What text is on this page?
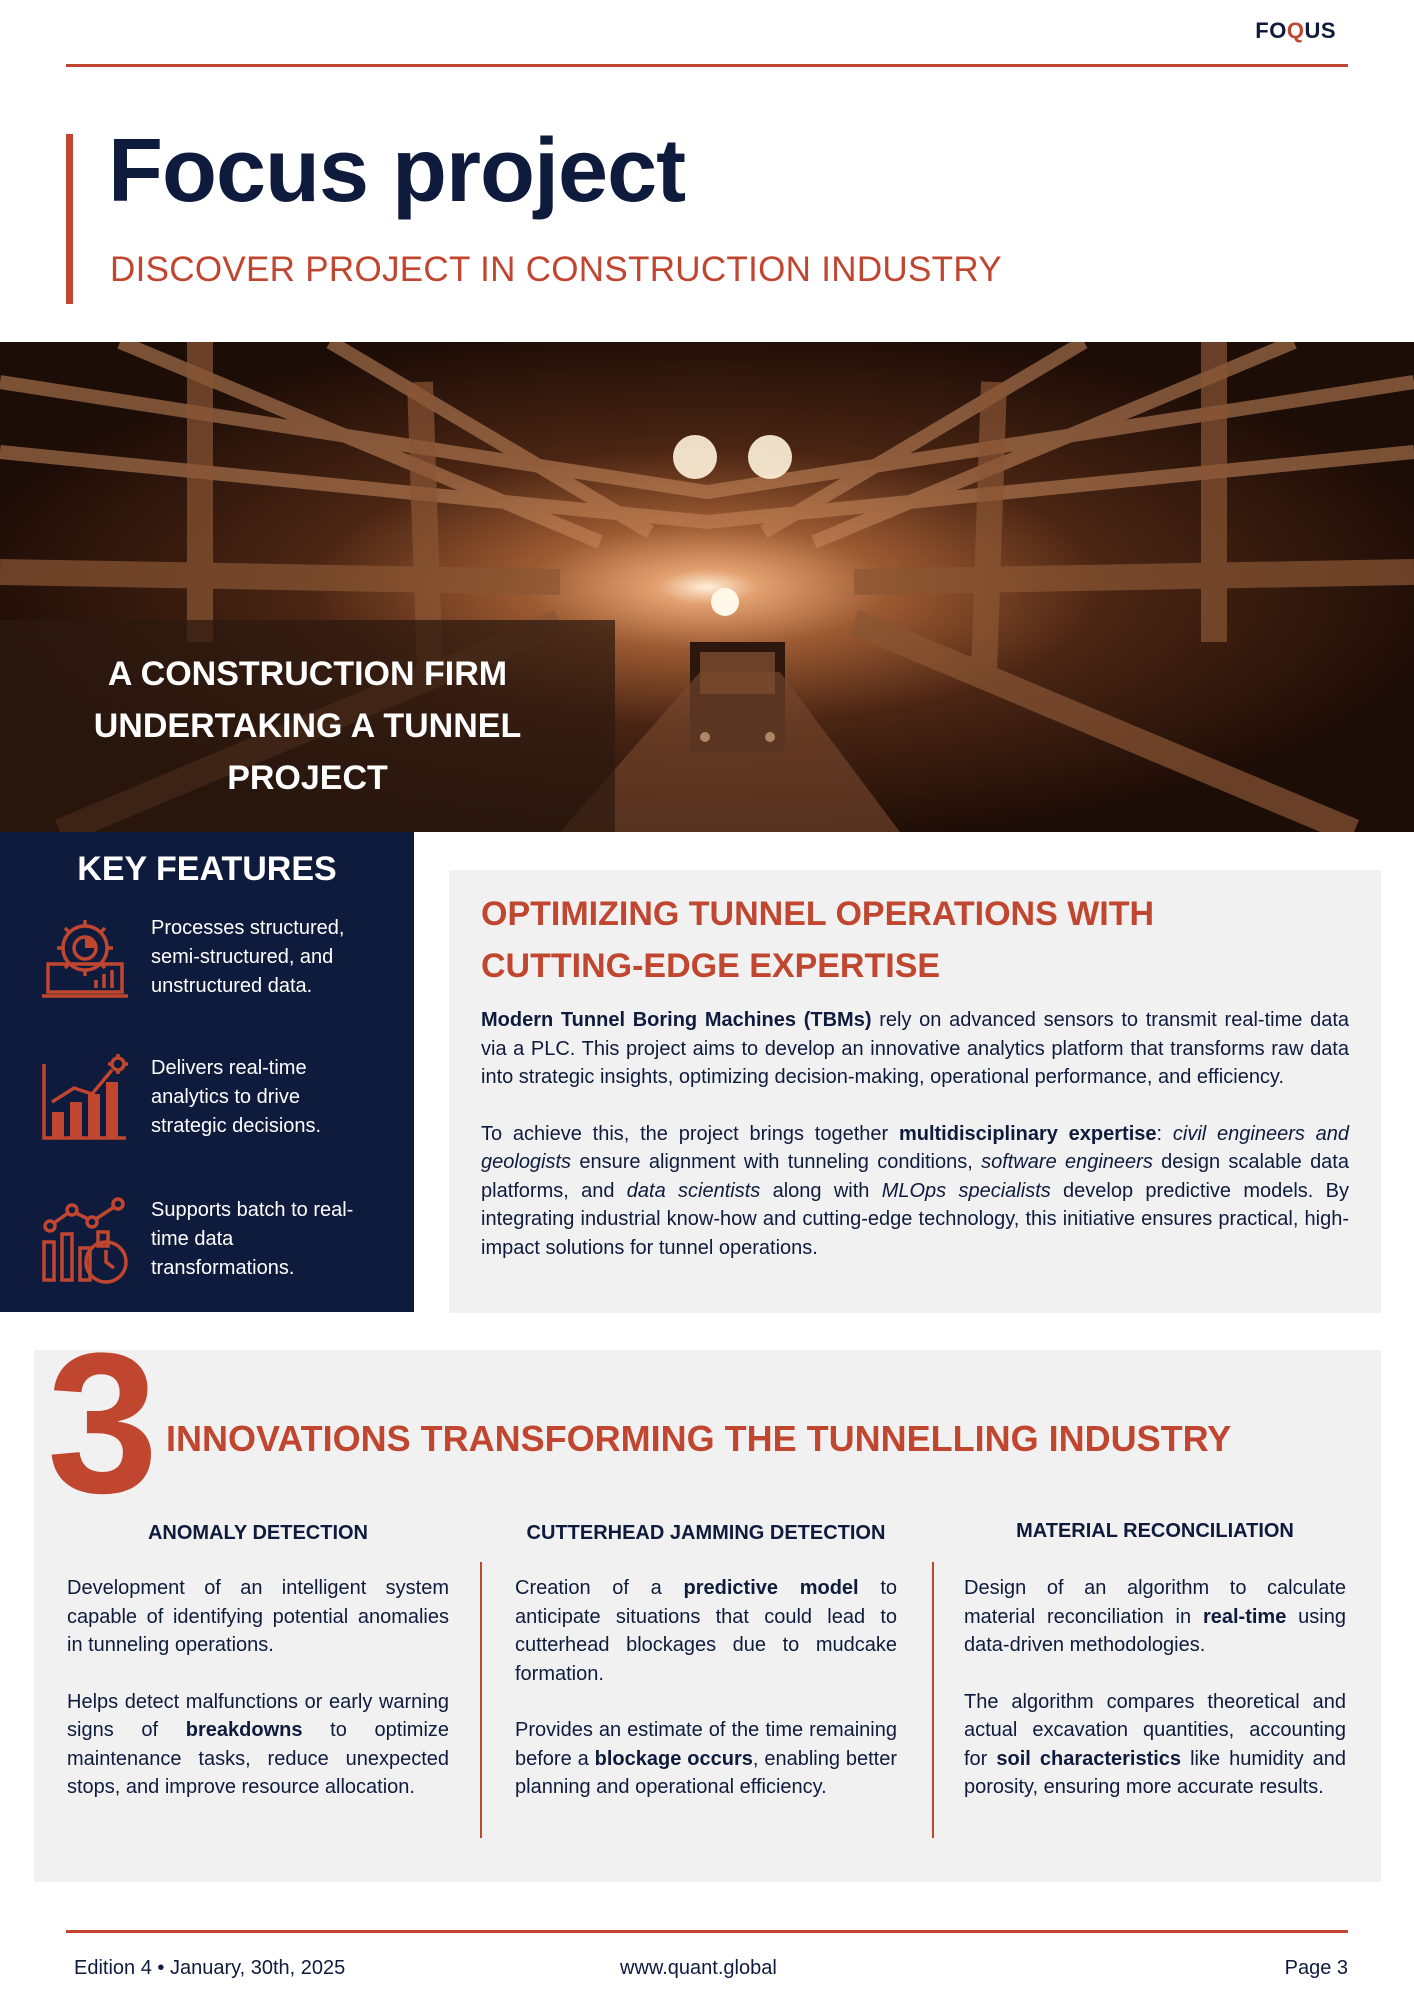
FOQUS
Focus project
DISCOVER PROJECT IN CONSTRUCTION INDUSTRY
A CONSTRUCTION FIRM UNDERTAKING A TUNNEL PROJECT
KEY FEATURES
Processes structured, semi-structured, and unstructured data.
Delivers real-time analytics to drive strategic decisions.
Supports batch to real-time data transformations.
OPTIMIZING TUNNEL OPERATIONS WITH CUTTING-EDGE EXPERTISE

Modern Tunnel Boring Machines (TBMs) rely on advanced sensors to transmit real-time data via a PLC. This project aims to develop an innovative analytics platform that transforms raw data into strategic insights, optimizing decision-making, operational performance, and efficiency.

To achieve this, the project brings together multidisciplinary expertise: civil engineers and geologists ensure alignment with tunneling conditions, software engineers design scalable data platforms, and data scientists along with MLOps specialists develop predictive models. By integrating industrial know-how and cutting-edge technology, this initiative ensures practical, high-impact solutions for tunnel operations.

3 INNOVATIONS TRANSFORMING THE TUNNELLING INDUSTRY
ANOMALY DETECTION

Development of an intelligent system capable of identifying potential anomalies in tunneling operations.

Helps detect malfunctions or early warning signs of breakdowns to optimize maintenance tasks, reduce unexpected stops, and improve resource allocation.

CUTTERHEAD JAMMING DETECTION

Creation of a predictive model to anticipate situations that could lead to cutterhead blockages due to mudcake formation.

Provides an estimate of the time remaining before a blockage occurs, enabling better planning and operational efficiency.

MATERIAL RECONCILIATION

Design of an algorithm to calculate material reconciliation in real-time using data-driven methodologies.

The algorithm compares theoretical and actual excavation quantities, accounting for soil characteristics like humidity and porosity, ensuring more accurate results.

Edition 4 • January, 30th, 2025	www.quant.global	Page 3
